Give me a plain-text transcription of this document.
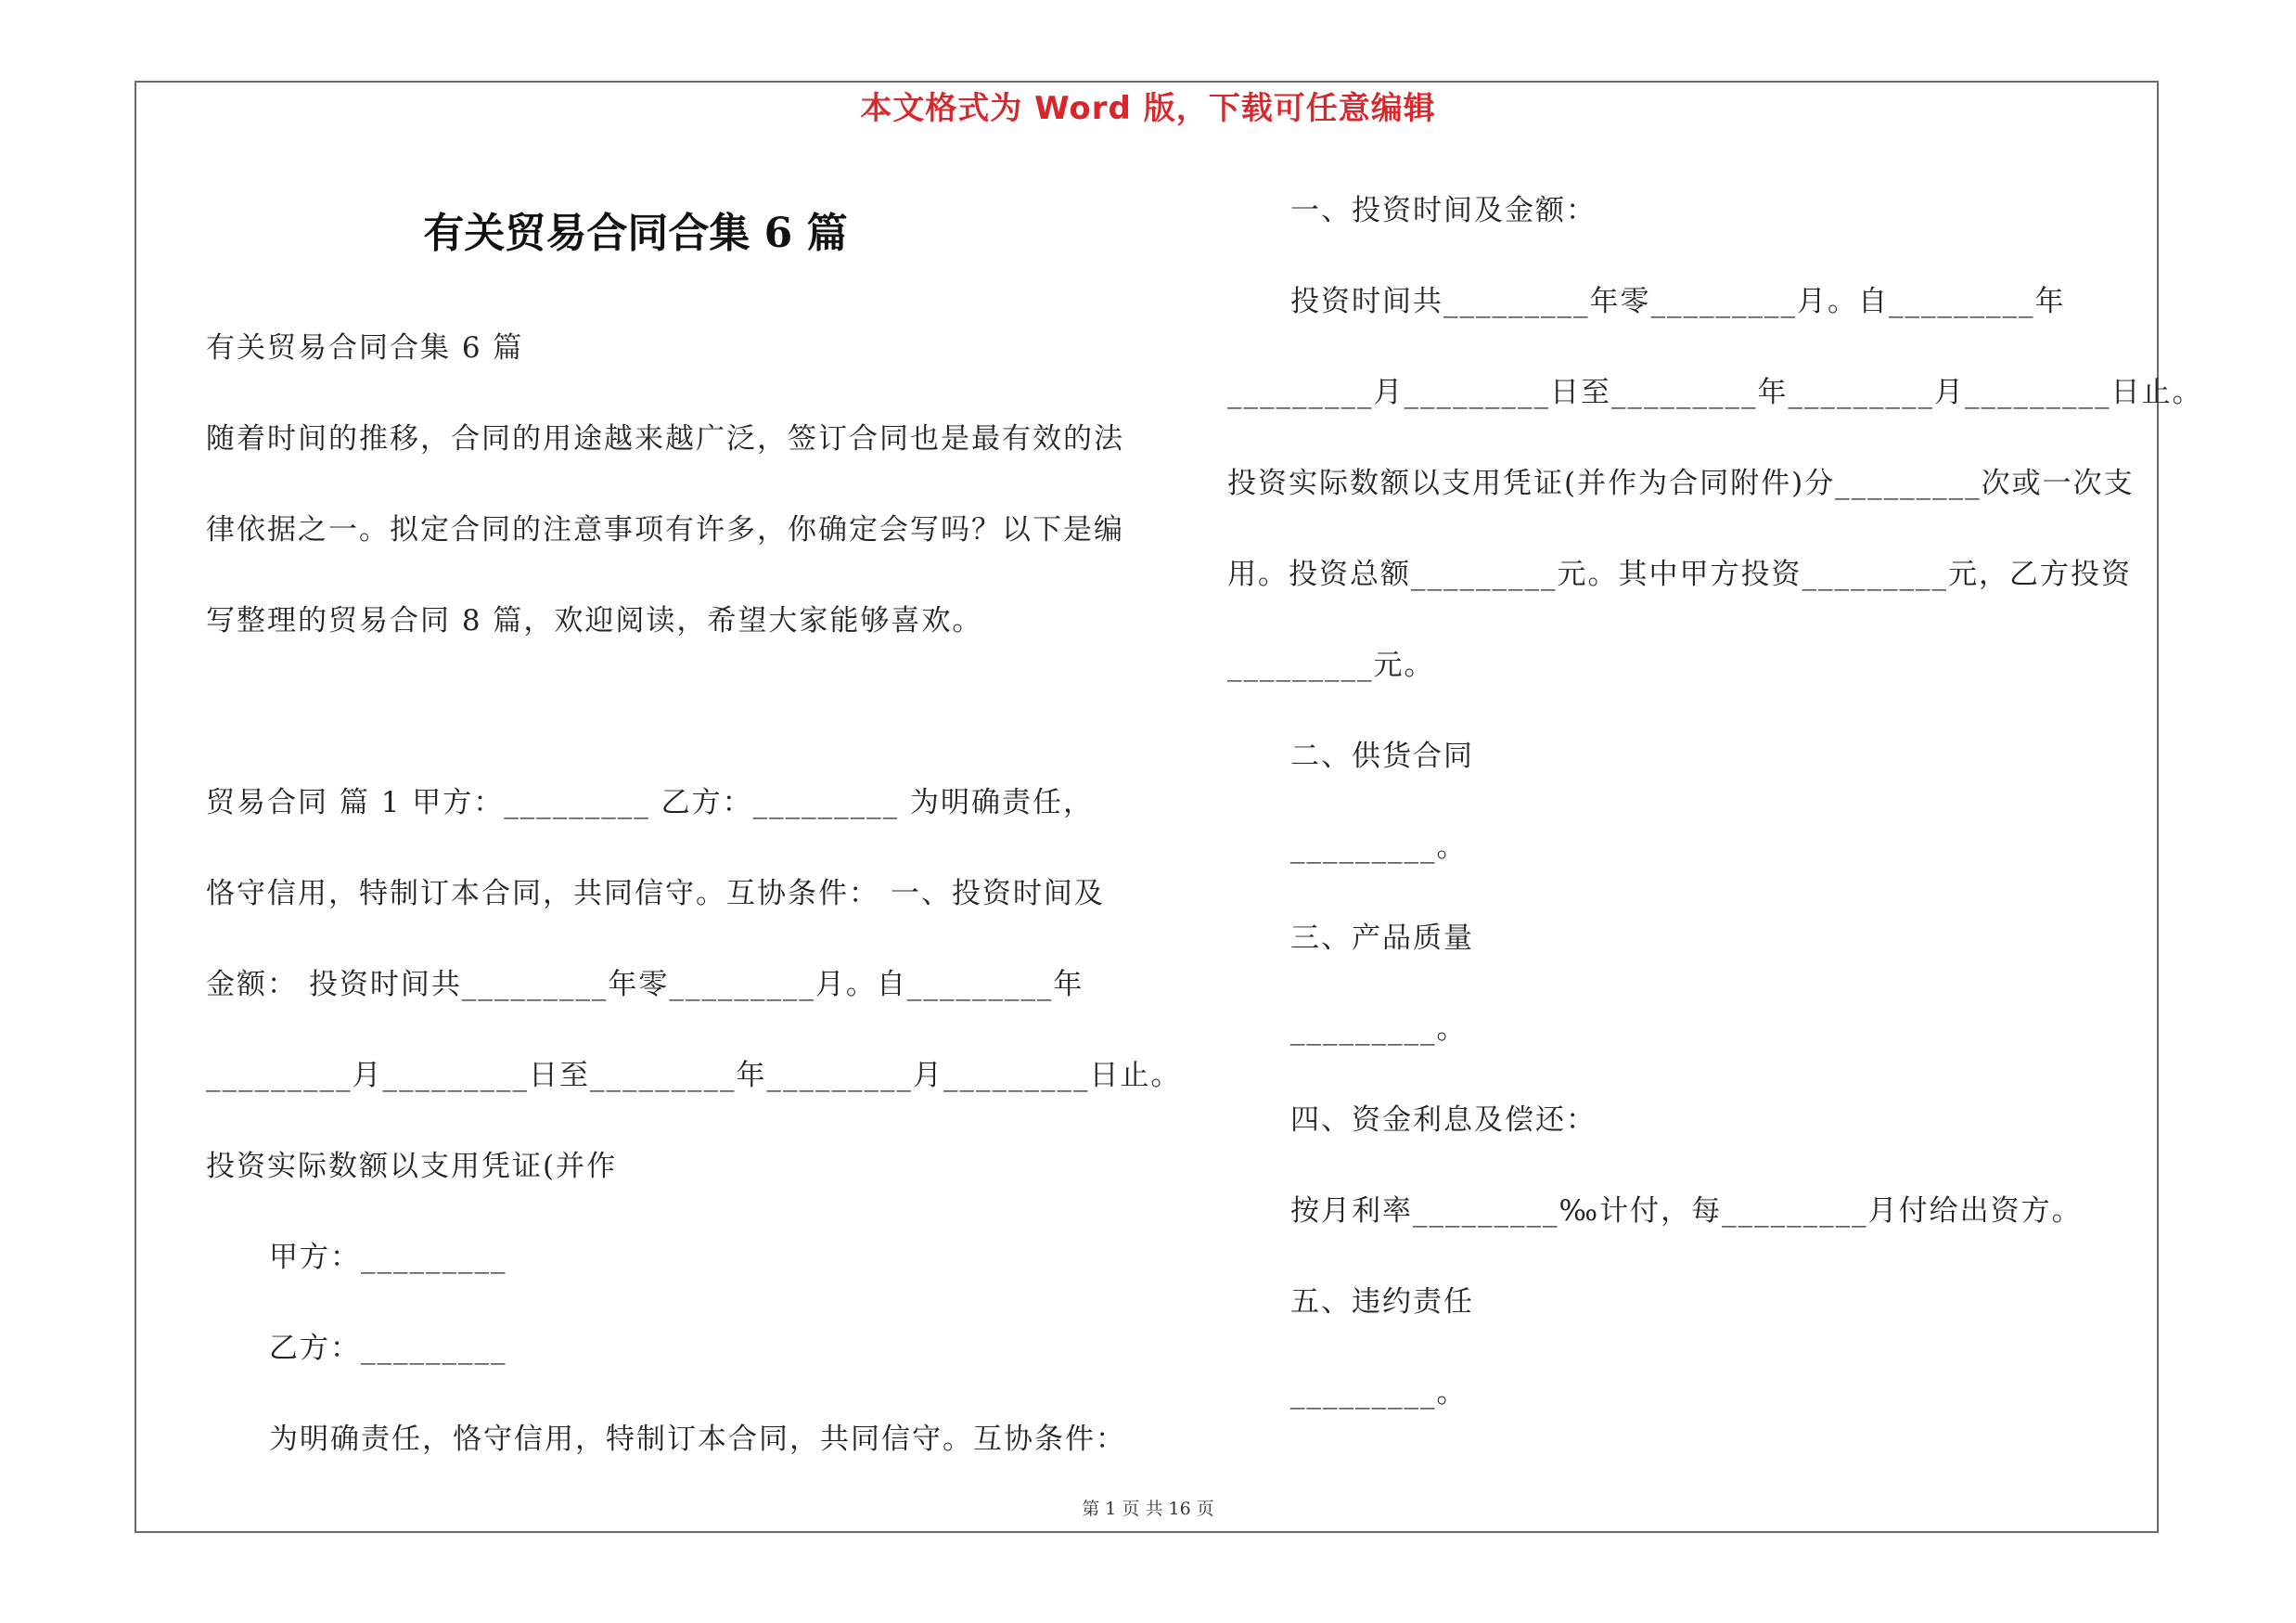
本文格式为 Word 版，下载可任意编辑
有关贸易合同合集 6 篇
有关贸易合同合集 6 篇
随着时间的推移，合同的用途越来越广泛，签订合同也是最有效的法
律依据之一。拟定合同的注意事项有许多，你确定会写吗？以下是编
写整理的贸易合同 8 篇，欢迎阅读，希望大家能够喜欢。
贸易合同 篇 1 甲方：_________ 乙方：_________ 为明确责任，
恪守信用，特制订本合同，共同信守。互协条件： 一、投资时间及
金额： 投资时间共_________年零_________月。自_________年
_________月_________日至_________年_________月_________日止。
投资实际数额以支用凭证(并作
甲方：_________
乙方：_________
为明确责任，恪守信用，特制订本合同，共同信守。互协条件：
一、投资时间及金额：
投资时间共_________年零_________月。自_________年
_________月_________日至_________年_________月_________日止。
投资实际数额以支用凭证(并作为合同附件)分_________次或一次支
用。投资总额_________元。其中甲方投资_________元，乙方投资
_________元。
二、供货合同
_________。
三、产品质量
_________。
四、资金利息及偿还：
按月利率_________‰计付，每_________月付给出资方。
五、违约责任
_________。
第 1 页 共 16 页
